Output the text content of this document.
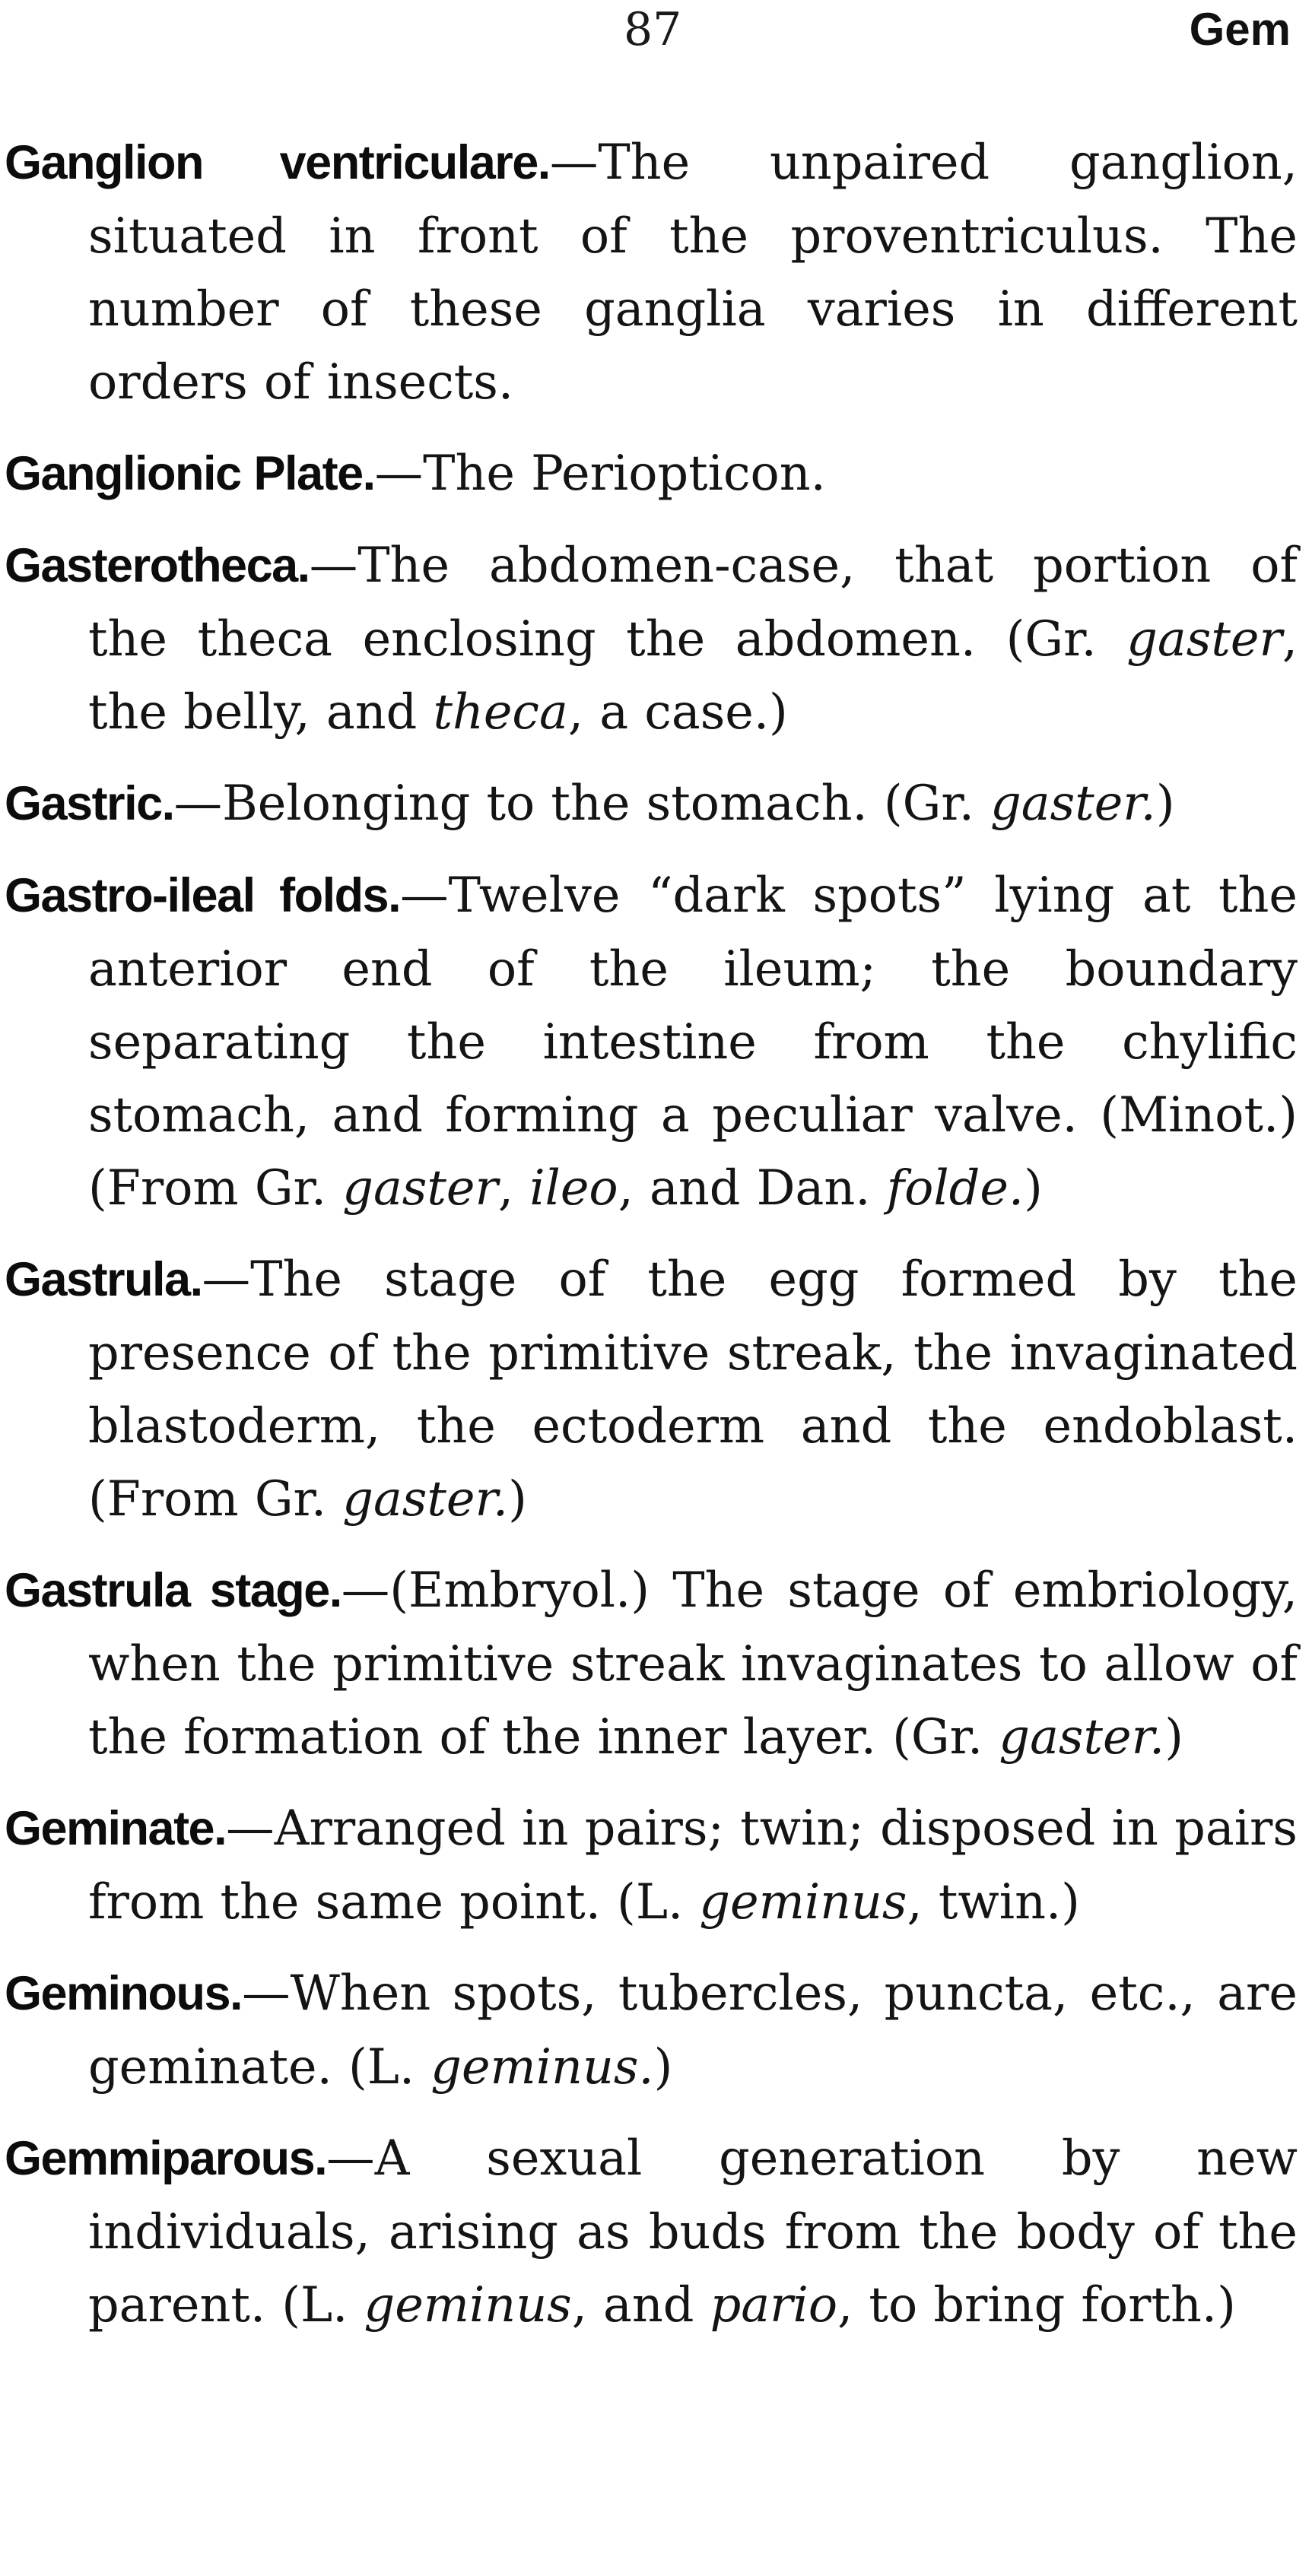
87	Gem

Ganglion ventriculare.—The unpaired ganglion, situated in front of the proventriculus. The number of these ganglia varies in different orders of insects.

Ganglionic Plate.—The Periopticon.

Gasterotheca.—The abdomen-case, that portion of the theca enclosing the abdomen. (Gr. gaster, the belly, and theca, a case.)

Gastric.—Belonging to the stomach. (Gr. gaster.)

Gastro-ileal folds.—Twelve “dark spots” lying at the anterior end of the ileum; the boundary separating the intestine from the chylific stomach, and forming a peculiar valve. (Minot.) (From Gr. gaster, ileo, and Dan. folde.)

Gastrula.—The stage of the egg formed by the presence of the primitive streak, the invaginated blastoderm, the ectoderm and the endoblast. (From Gr. gaster.)

Gastrula stage.—(Embryol.) The stage of embriology, when the primitive streak invaginates to allow of the formation of the inner layer. (Gr. gaster.)

Geminate.—Arranged in pairs; twin; disposed in pairs from the same point. (L. geminus, twin.)

Geminous.—When spots, tubercles, puncta, etc., are geminate. (L. geminus.)

Gemmiparous.—A sexual generation by new individuals, arising as buds from the body of the parent. (L. geminus, and pario, to bring forth.)
